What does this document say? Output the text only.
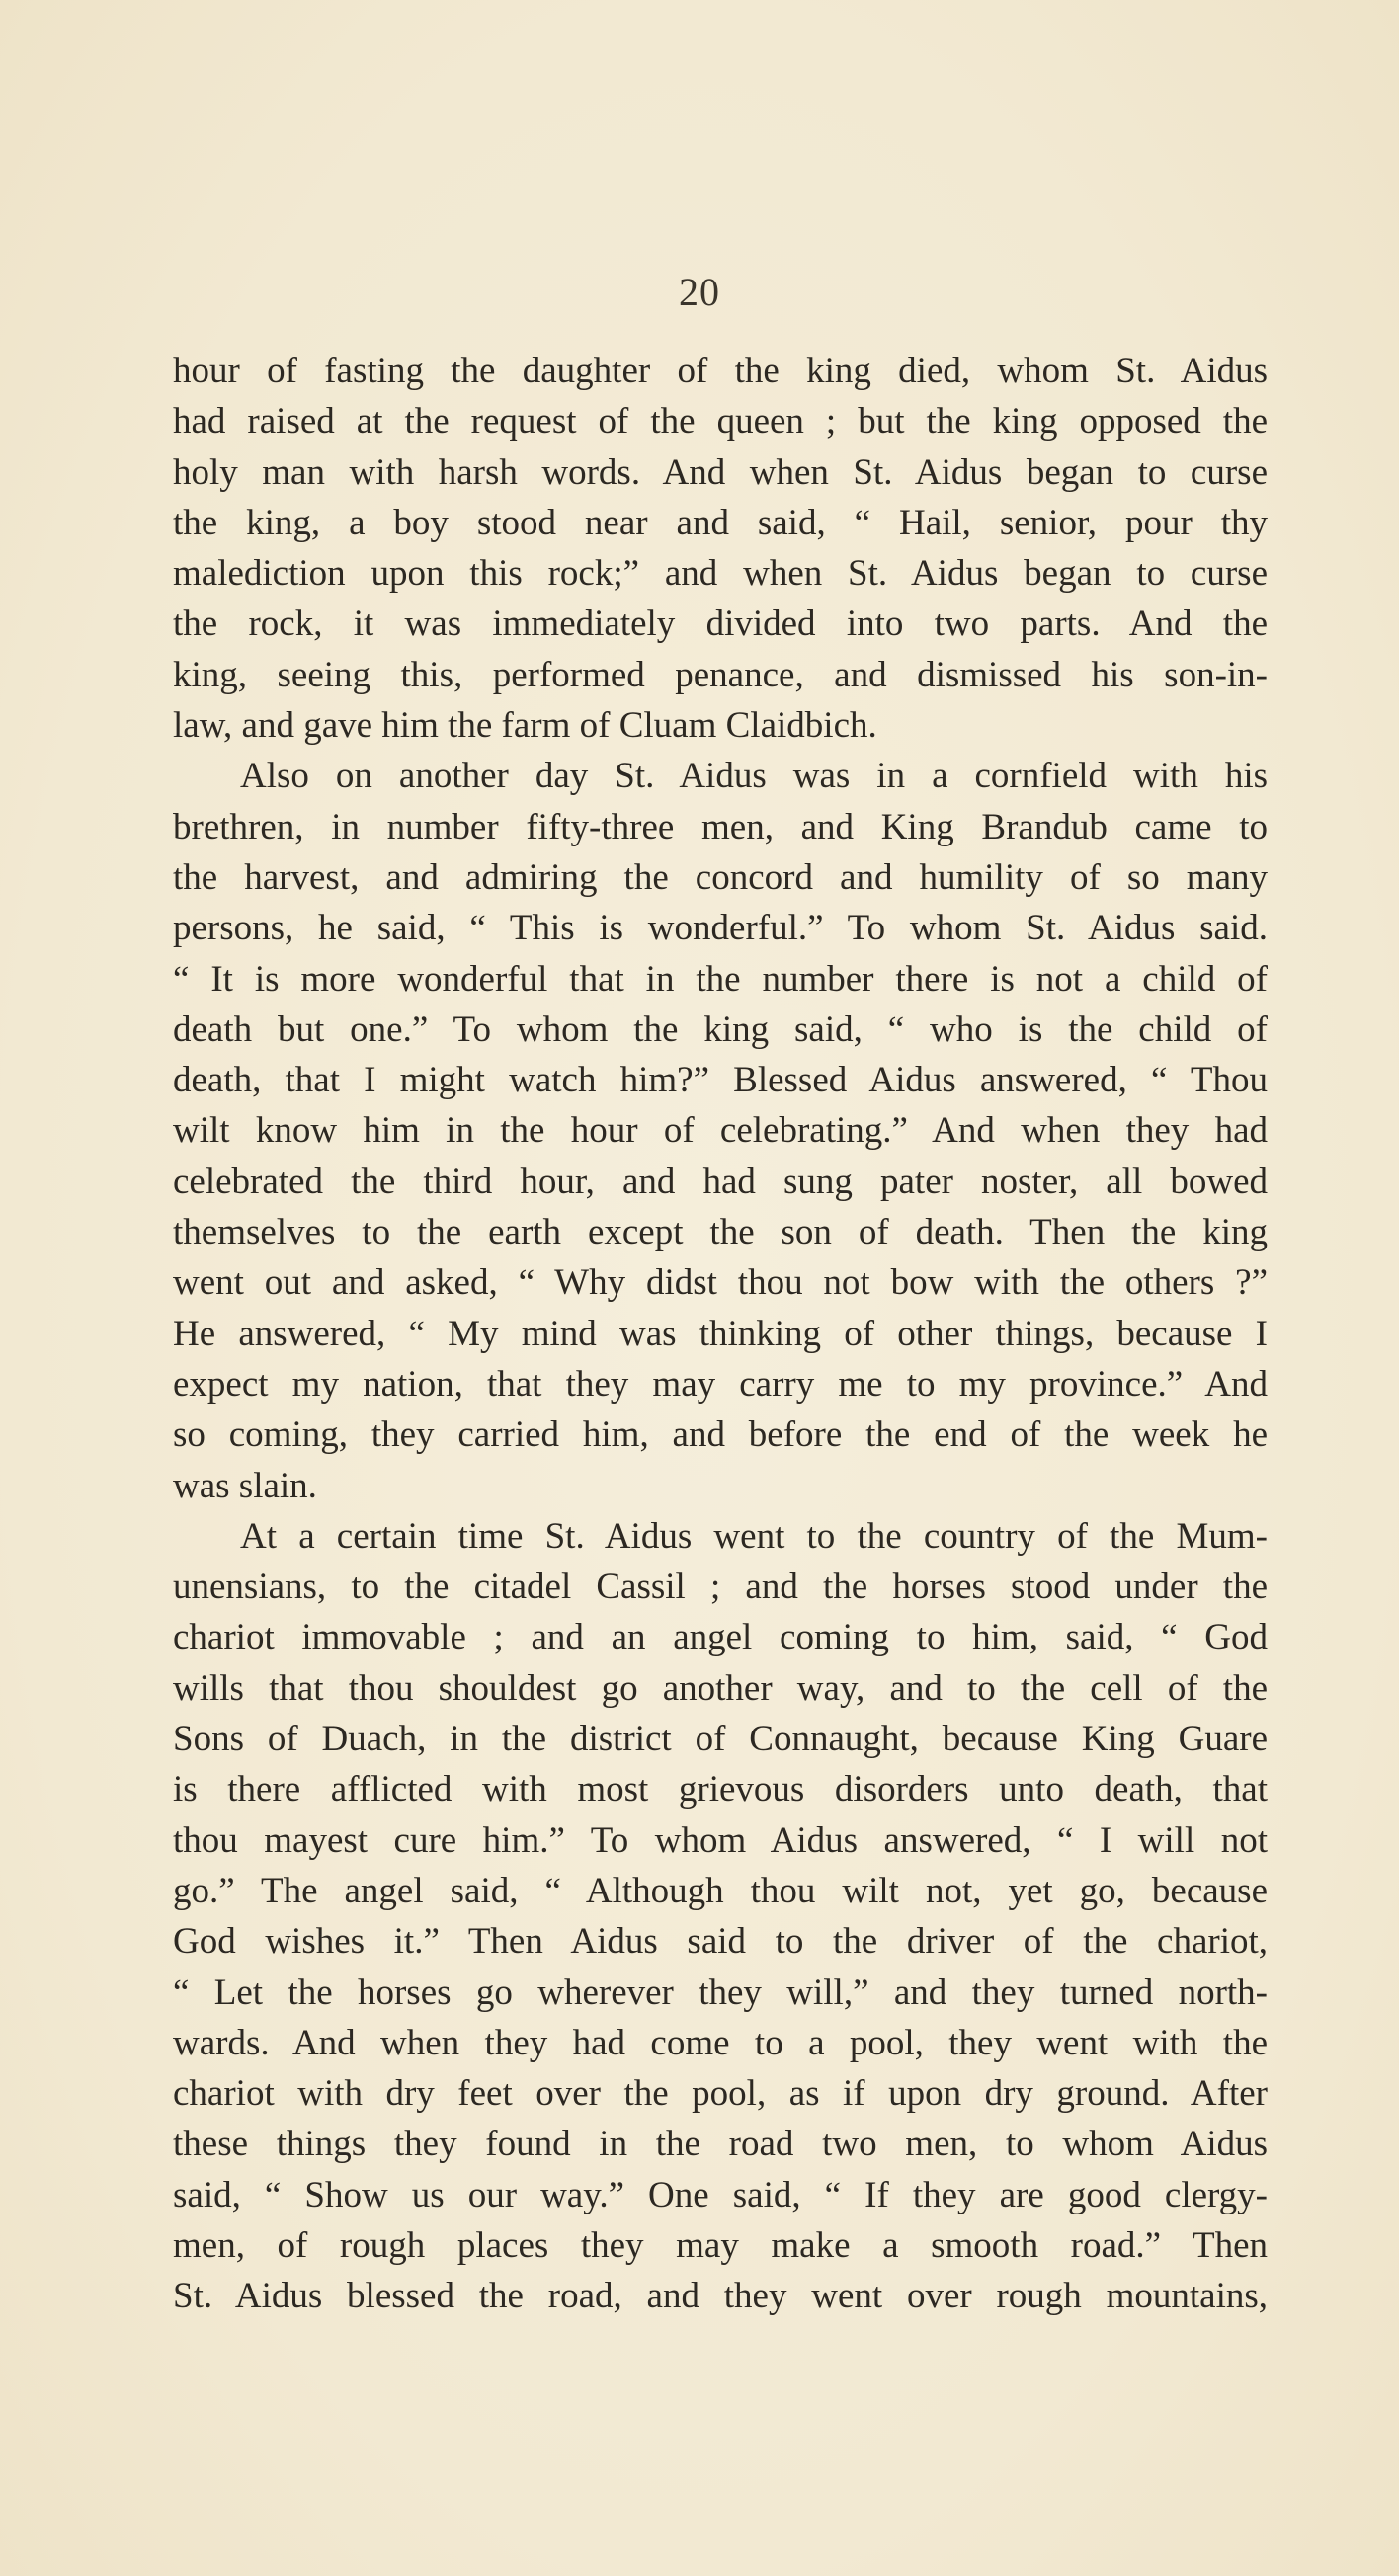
20
hour of fasting the daughter of the king died, whom St. Aidus
had raised at the request of the queen ; but the king opposed the
holy man with harsh words. And when St. Aidus began to curse
the king, a boy stood near and said, “ Hail, senior, pour thy
malediction upon this rock;” and when St. Aidus began to curse
the rock, it was immediately divided into two parts. And the
king, seeing this, performed penance, and dismissed his son-in-
law, and gave him the farm of Cluam Claidbich.
Also on another day St. Aidus was in a cornfield with his
brethren, in number fifty-three men, and King Brandub came to
the harvest, and admiring the concord and humility of so many
persons, he said, “ This is wonderful.” To whom St. Aidus said.
“ It is more wonderful that in the number there is not a child of
death but one.” To whom the king said, “ who is the child of
death, that I might watch him?” Blessed Aidus answered, “ Thou
wilt know him in the hour of celebrating.” And when they had
celebrated the third hour, and had sung pater noster, all bowed
themselves to the earth except the son of death. Then the king
went out and asked, “ Why didst thou not bow with the others ?”
He answered, “ My mind was thinking of other things, because I
expect my nation, that they may carry me to my province.” And
so coming, they carried him, and before the end of the week he
was slain.
At a certain time St. Aidus went to the country of the Mum-
unensians, to the citadel Cassil ; and the horses stood under the
chariot immovable ; and an angel coming to him, said, “ God
wills that thou shouldest go another way, and to the cell of the
Sons of Duach, in the district of Connaught, because King Guare
is there afflicted with most grievous disorders unto death, that
thou mayest cure him.” To whom Aidus answered, “ I will not
go.” The angel said, “ Although thou wilt not, yet go, because
God wishes it.” Then Aidus said to the driver of the chariot,
“ Let the horses go wherever they will,” and they turned north-
wards. And when they had come to a pool, they went with the
chariot with dry feet over the pool, as if upon dry ground. After
these things they found in the road two men, to whom Aidus
said, “ Show us our way.” One said, “ If they are good clergy-
men, of rough places they may make a smooth road.” Then
St. Aidus blessed the road, and they went over rough mountains,
